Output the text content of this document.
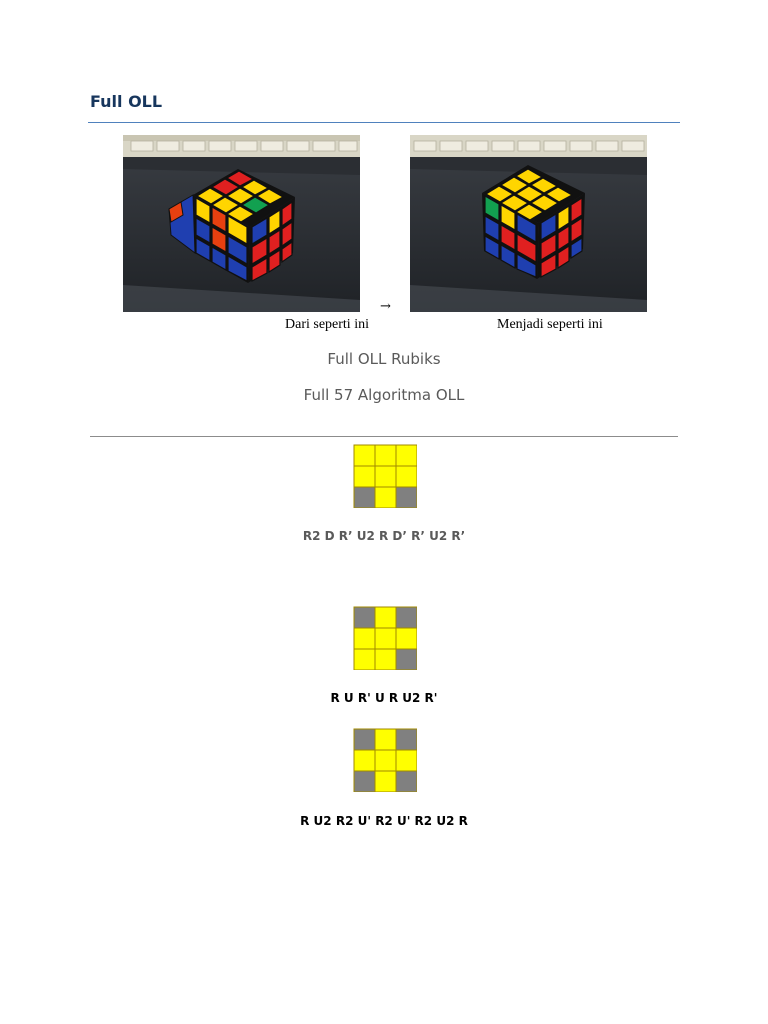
Full OLL
→
Dari seperti ini	Menjadi seperti ini
Full OLL Rubiks
Full 57 Algoritma OLL
R2 D R’ U2 R D’ R’ U2 R’
R U R' U R U2 R'
R U2 R2 U' R2 U' R2 U2 R
